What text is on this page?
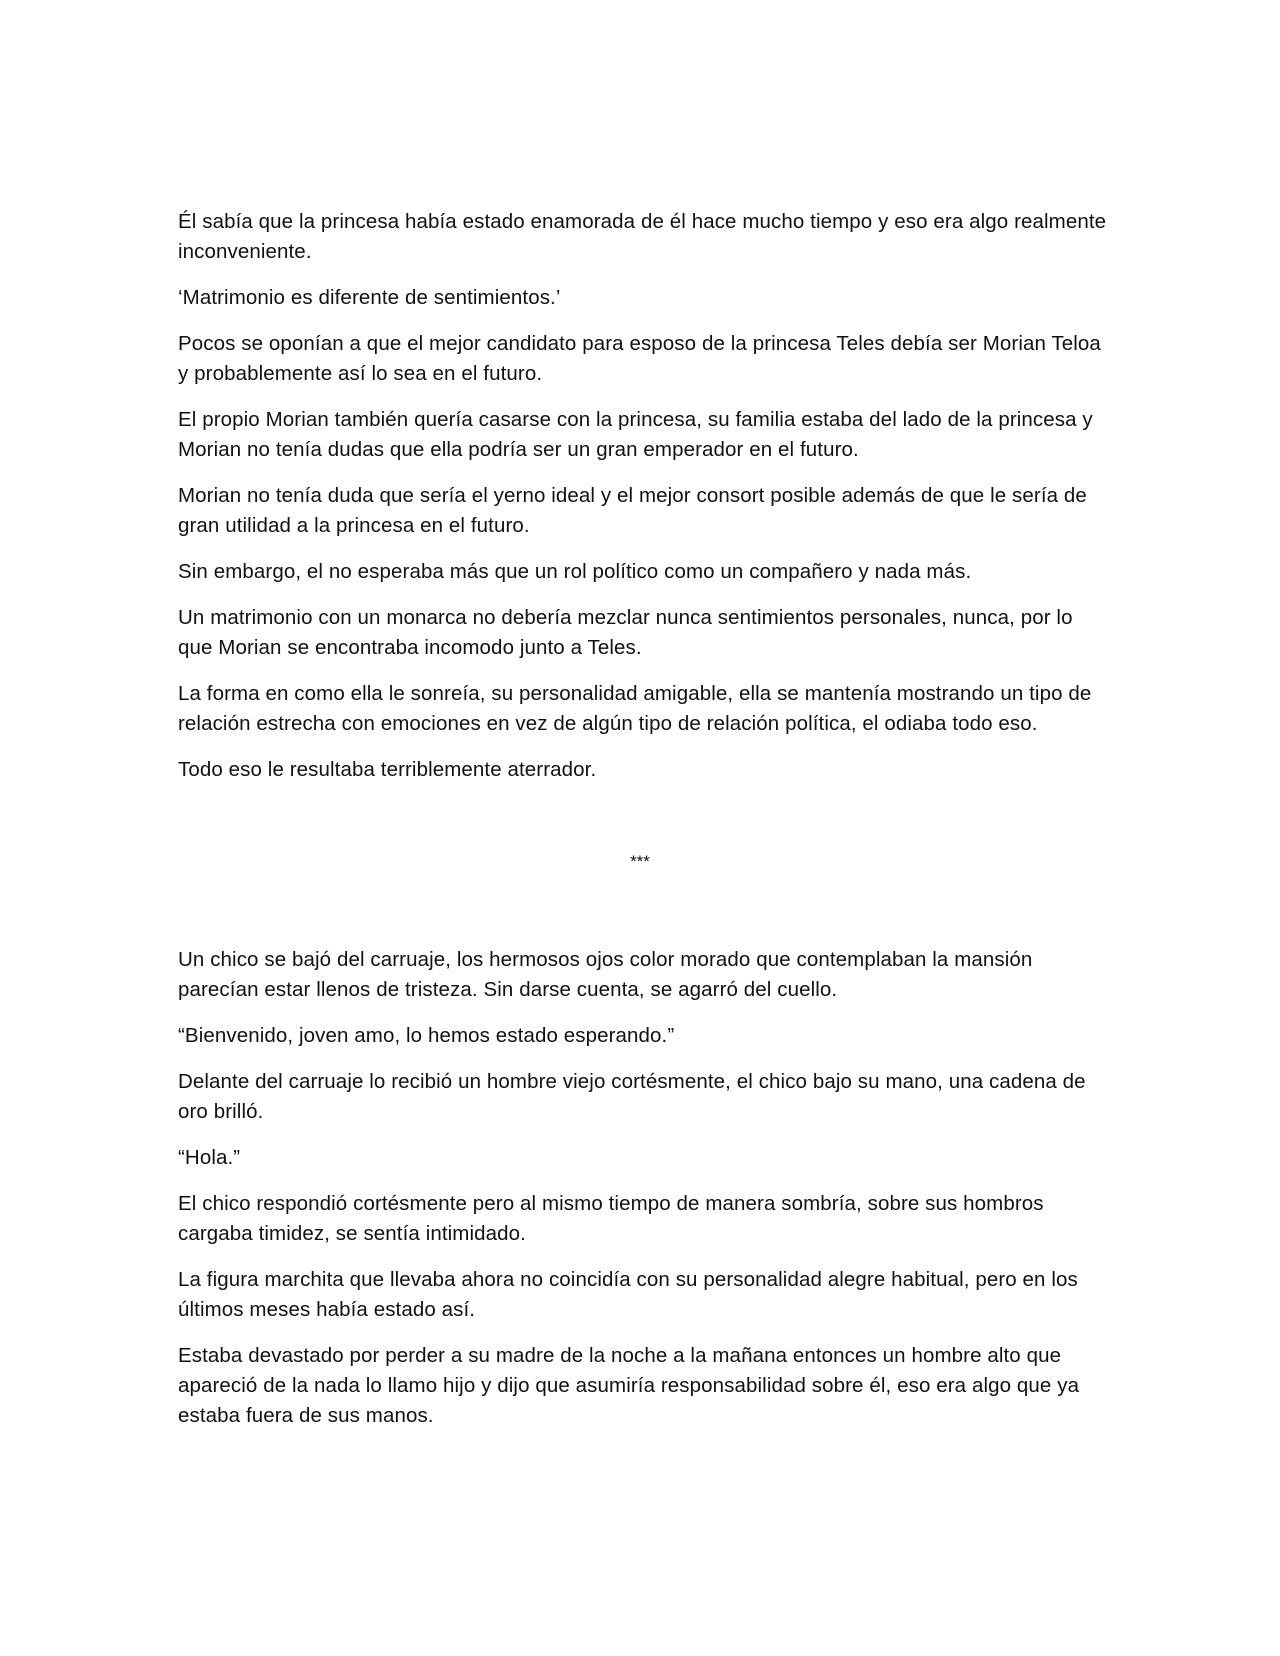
Él sabía que la princesa había estado enamorada de él hace mucho tiempo y eso era algo realmente inconveniente.

‘Matrimonio es diferente de sentimientos.’

Pocos se oponían a que el mejor candidato para esposo de la princesa Teles debía ser Morian Teloa y probablemente así lo sea en el futuro.

El propio Morian también quería casarse con la princesa, su familia estaba del lado de la princesa y Morian no tenía dudas que ella podría ser un gran emperador en el futuro.

Morian no tenía duda que sería el yerno ideal y el mejor consort posible además de que le sería de gran utilidad a la princesa en el futuro.

Sin embargo, el no esperaba más que un rol político como un compañero y nada más.

Un matrimonio con un monarca no debería mezclar nunca sentimientos personales, nunca, por lo que Morian se encontraba incomodo junto a Teles.

La forma en como ella le sonreía, su personalidad amigable, ella se mantenía mostrando un tipo de relación estrecha con emociones en vez de algún tipo de relación política, el odiaba todo eso.

Todo eso le resultaba terriblemente aterrador.

***

Un chico se bajó del carruaje, los hermosos ojos color morado que contemplaban la mansión parecían estar llenos de tristeza. Sin darse cuenta, se agarró del cuello.

“Bienvenido, joven amo, lo hemos estado esperando.”

Delante del carruaje lo recibió un hombre viejo cortésmente, el chico bajo su mano, una cadena de oro brilló.

“Hola.”

El chico respondió cortésmente pero al mismo tiempo de manera sombría, sobre sus hombros cargaba timidez, se sentía intimidado.

La figura marchita que llevaba ahora no coincidía con su personalidad alegre habitual, pero en los últimos meses había estado así.

Estaba devastado por perder a su madre de la noche a la mañana entonces un hombre alto que apareció de la nada lo llamo hijo y dijo que asumiría responsabilidad sobre él, eso era algo que ya estaba fuera de sus manos.
